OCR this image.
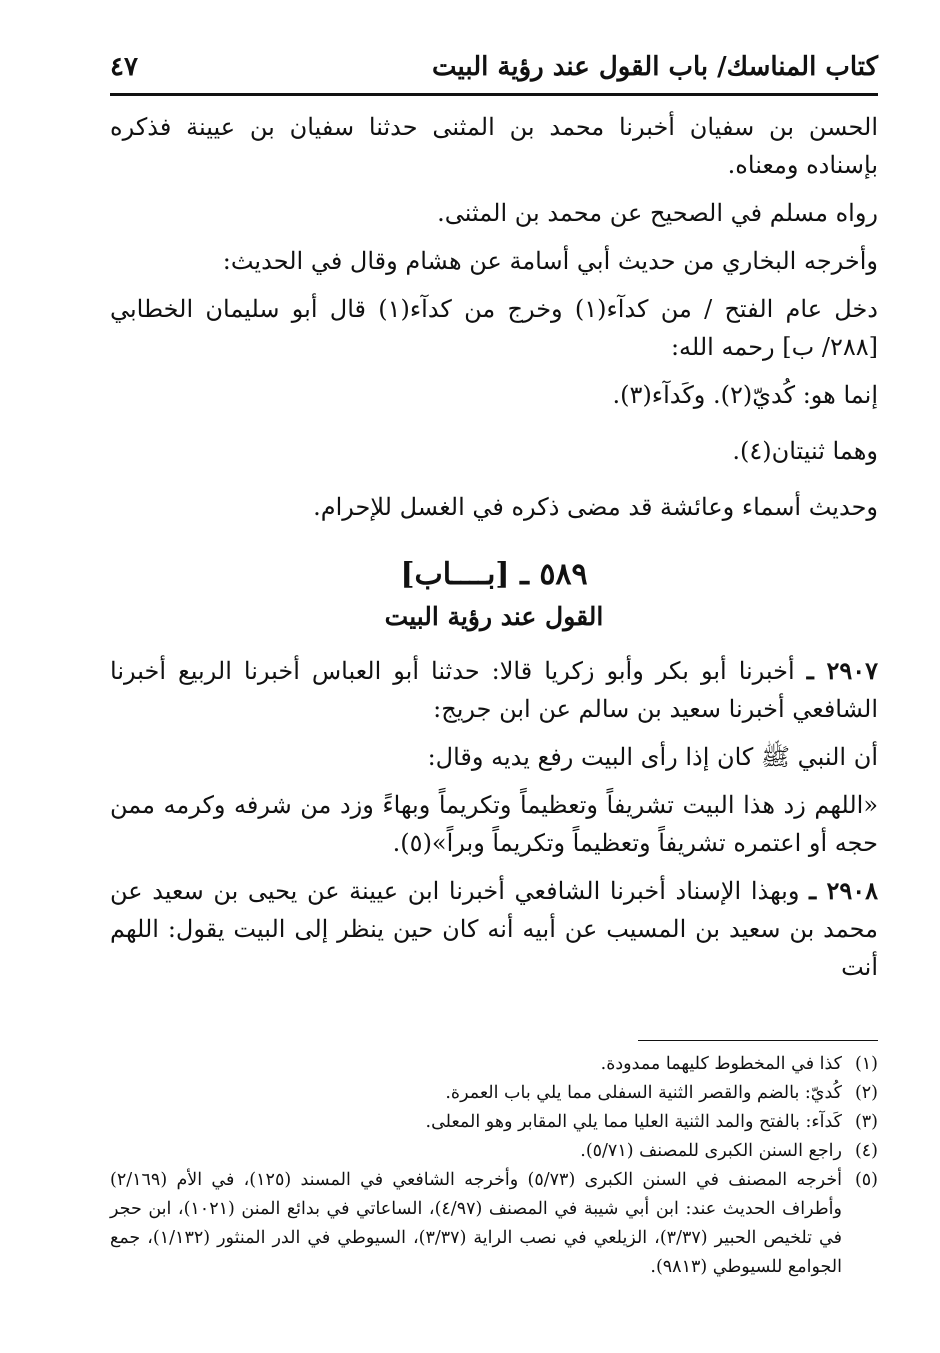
كتاب المناسك/ باب القول عند رؤية البيت
٤٧

الحسن بن سفيان أخبرنا محمد بن المثنى حدثنا سفيان بن عيينة فذكره بإسناده ومعناه.

رواه مسلم في الصحيح عن محمد بن المثنى.

وأخرجه البخاري من حديث أبي أسامة عن هشام وقال في الحديث:

دخل عام الفتح / من كدآء(١) وخرج من كدآء(١) قال أبو سليمان الخطابي [٢٨٨/ ب] رحمه الله:

إنما هو: كُديّ(٢). وكَدآء(٣).

وهما ثنيتان(٤).

وحديث أسماء وعائشة قد مضى ذكره في الغسل للإحرام.

٥٨٩ ـ [بــــاب]
القول عند رؤية البيت

٢٩٠٧ ـ أخبرنا أبو بكر وأبو زكريا قالا: حدثنا أبو العباس أخبرنا الربيع أخبرنا الشافعي أخبرنا سعيد بن سالم عن ابن جريج:

أن النبي ﷺ كان إذا رأى البيت رفع يديه وقال:

«اللهم زد هذا البيت تشريفاً وتعظيماً وتكريماً وبهاءً وزد من شرفه وكرمه ممن حجه أو اعتمره تشريفاً وتعظيماً وتكريماً وبراً»(٥).

٢٩٠٨ ـ وبهذا الإسناد أخبرنا الشافعي أخبرنا ابن عيينة عن يحيى بن سعيد عن محمد بن سعيد بن المسيب عن أبيه أنه كان حين ينظر إلى البيت يقول: اللهم أنت

(١)
كذا في المخطوط كليهما ممدودة.
(٢)
كُديّ: بالضم والقصر الثنية السفلى مما يلي باب العمرة.
(٣)
كَدآء: بالفتح والمد الثنية العليا مما يلي المقابر وهو المعلى.
(٤)
راجع السنن الكبرى للمصنف (٥/٧١).
(٥)
أخرجه المصنف في السنن الكبرى (٥/٧٣) وأخرجه الشافعي في المسند (١٢٥)، في الأم (٢/١٦٩) وأطراف الحديث عند: ابن أبي شيبة في المصنف (٤/٩٧)، الساعاتي في بدائع المنن (١٠٢١)، ابن حجر في تلخيص الحبير (٣/٣٧)، الزيلعي في نصب الراية (٣/٣٧)، السيوطي في الدر المنثور (١/١٣٢)، جمع الجوامع للسيوطي (٩٨١٣).
